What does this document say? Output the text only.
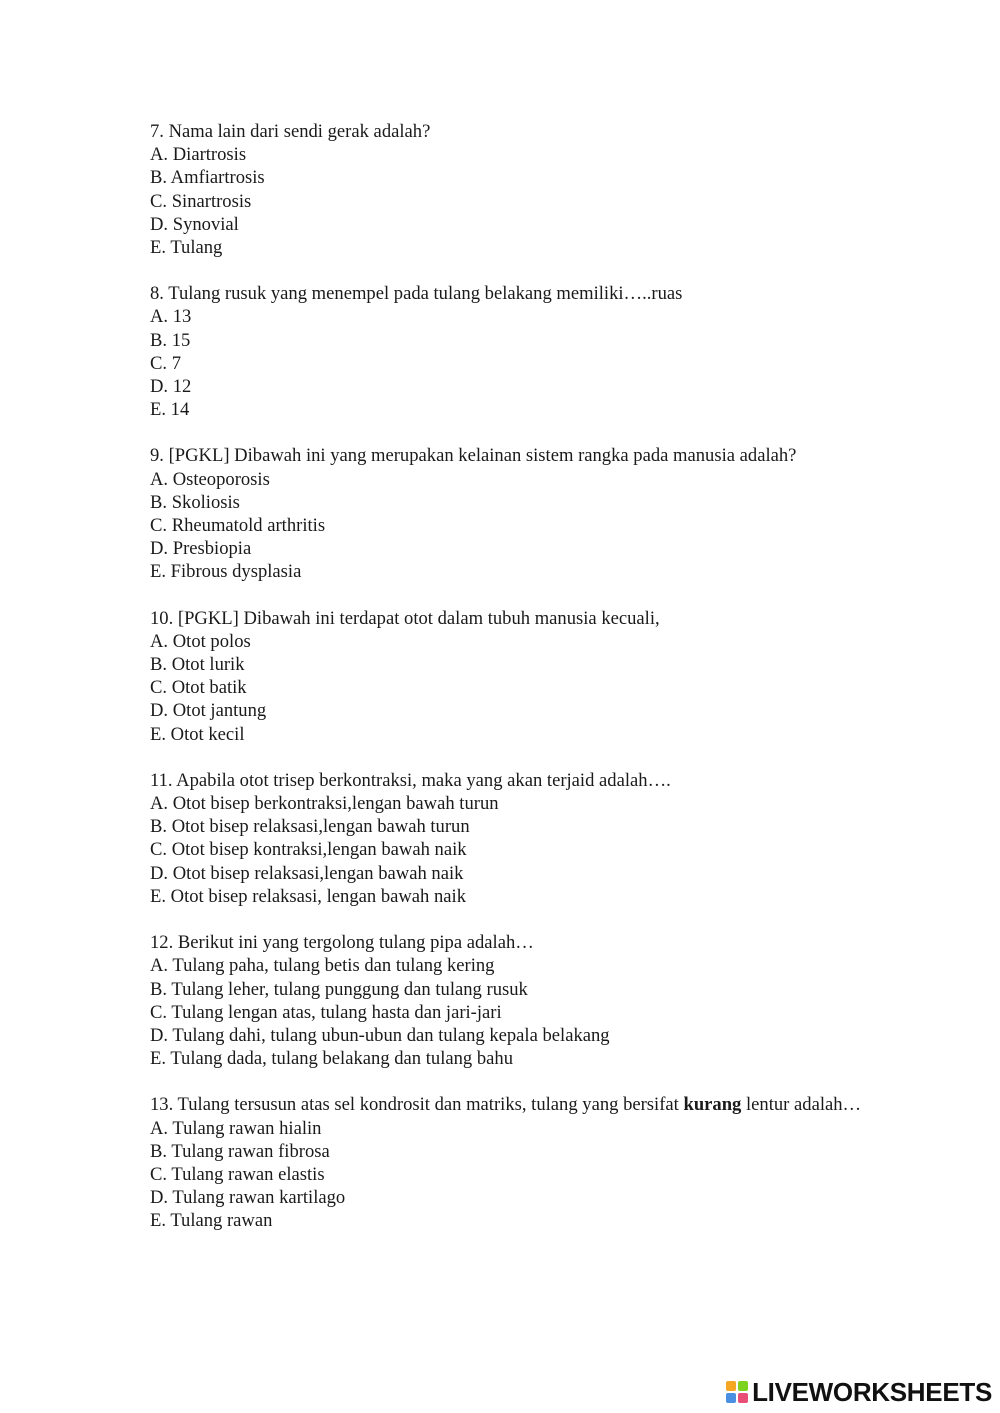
7. Nama lain dari sendi gerak adalah?
A. Diartrosis
B. Amfiartrosis
C. Sinartrosis
D. Synovial
E. Tulang
8. Tulang rusuk yang menempel pada tulang belakang memiliki…..ruas
A. 13
B. 15
C. 7
D. 12
E. 14
9. [PGKL] Dibawah ini yang merupakan kelainan sistem rangka pada manusia adalah?
A. Osteoporosis
B. Skoliosis
C. Rheumatold arthritis
D. Presbiopia
E. Fibrous dysplasia
10. [PGKL] Dibawah ini terdapat otot dalam tubuh manusia kecuali,
A. Otot polos
B. Otot lurik
C. Otot batik
D. Otot jantung
E. Otot kecil
11. Apabila otot trisep berkontraksi, maka yang akan terjaid adalah….
A. Otot bisep berkontraksi,lengan bawah turun
B. Otot bisep relaksasi,lengan bawah turun
C. Otot bisep kontraksi,lengan bawah naik
D. Otot bisep relaksasi,lengan bawah naik
E. Otot bisep relaksasi, lengan bawah naik
12. Berikut ini yang tergolong tulang pipa adalah…
A. Tulang paha, tulang betis dan tulang kering
B. Tulang leher, tulang punggung dan tulang rusuk
C. Tulang lengan atas, tulang hasta dan jari-jari
D. Tulang dahi, tulang ubun-ubun dan tulang kepala belakang
E. Tulang dada, tulang belakang dan tulang bahu
13. Tulang tersusun atas sel kondrosit dan matriks, tulang yang bersifat kurang lentur adalah…
A. Tulang rawan hialin
B. Tulang rawan fibrosa
C. Tulang rawan elastis
D. Tulang rawan kartilago
E. Tulang rawan
LIVEWORKSHEETS
